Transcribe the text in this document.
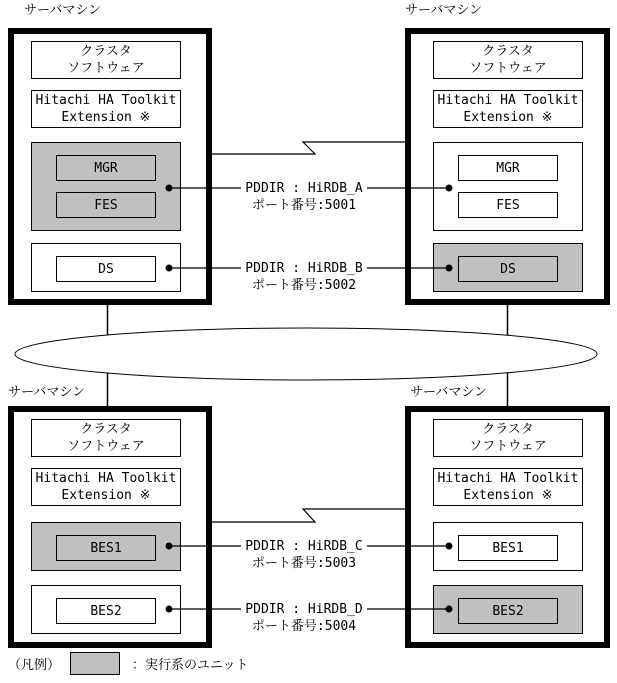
サーバマシン	サーバマシン
サーバマシン	サーバマシン
クラスタ
ソフトウェア
Hitachi HA Toolkit
Extension ※
MGR
FES
DS
クラスタ
ソフトウェア
Hitachi HA Toolkit
Extension ※
MGR
FES
DS
クラスタ
ソフトウェア
Hitachi HA Toolkit
Extension ※
BES1
BES2
クラスタ
ソフトウェア
Hitachi HA Toolkit
Extension ※
BES1
BES2
PDDIR : HiRDB_A
ポート番号:5001
PDDIR : HiRDB_B
ポート番号:5002
PDDIR : HiRDB_C
ポート番号:5003
PDDIR : HiRDB_D
ポート番号:5004
（凡例）	：実行系のユニット
